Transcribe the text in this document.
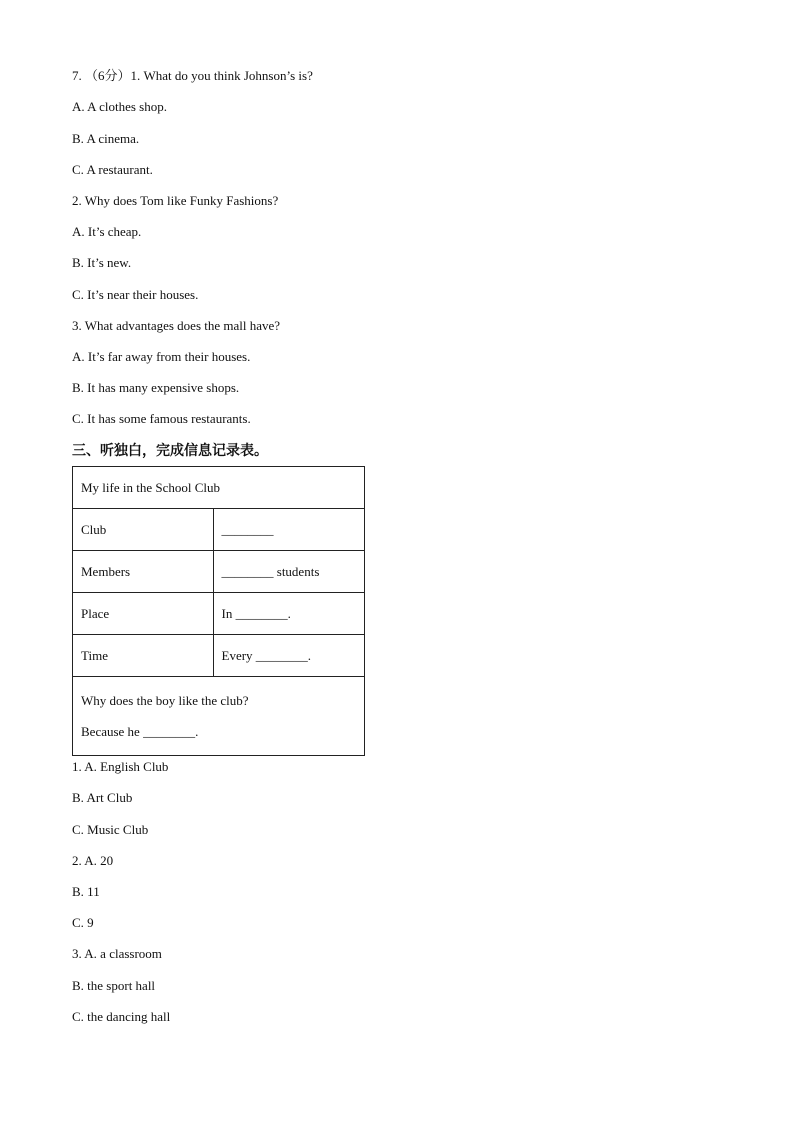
7. （6分）1. What do you think Johnson’s is?
A. A clothes shop.
B. A cinema.
C. A restaurant.
2. Why does Tom like Funky Fashions?
A. It’s cheap.
B. It’s new.
C. It’s near their houses.
3. What advantages does the mall have?
A. It’s far away from their houses.
B. It has many expensive shops.
C. It has some famous restaurants.
三、听独白，完成信息记录表。
My life in the School Club	
Club	________
Members	________ students
Place	In ________.
Time	Every ________.

Why does the boy like the club?
Because he ________.	
1. A. English Club
B. Art Club
C. Music Club
2. A. 20
B. 11
C. 9
3. A. a classroom
B. the sport hall
C. the dancing hall
